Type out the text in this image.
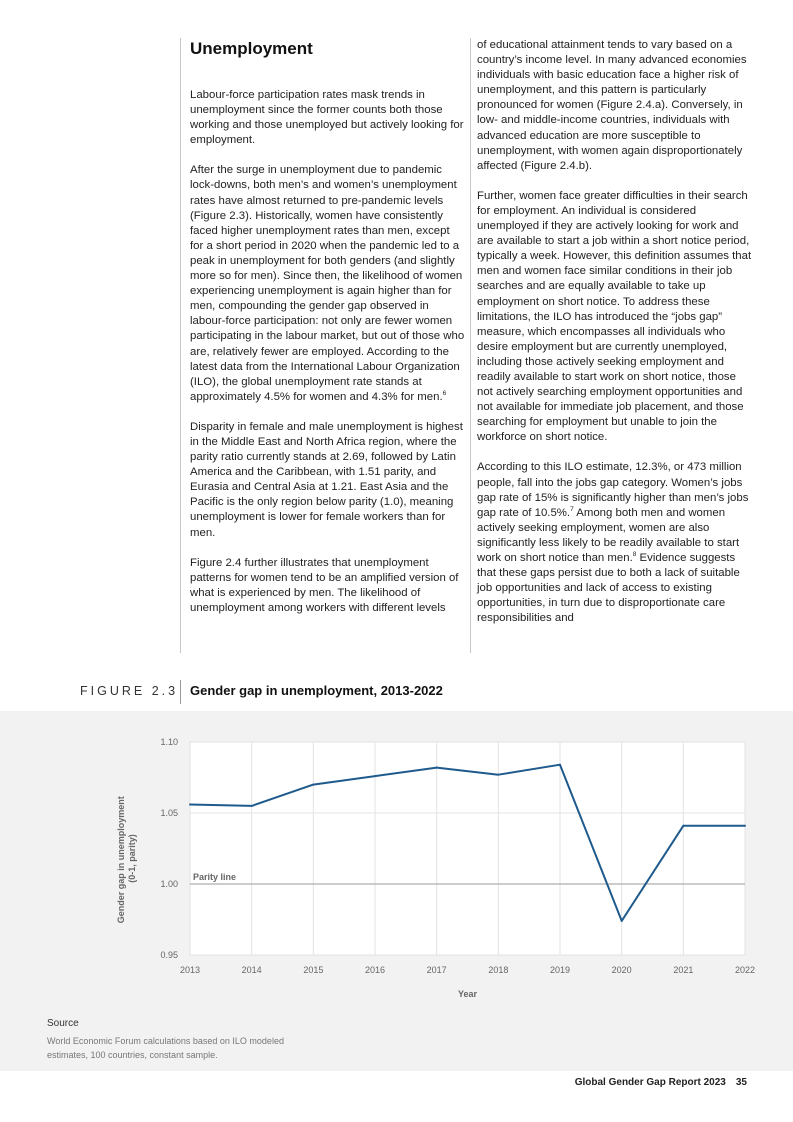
Unemployment

Labour-force participation rates mask trends in unemployment since the former counts both those working and those unemployed but actively looking for employment.

After the surge in unemployment due to pandemic lock-downs, both men’s and women’s unemployment rates have almost returned to pre-pandemic levels (Figure 2.3). Historically, women have consistently faced higher unemployment rates than men, except for a short period in 2020 when the pandemic led to a peak in unemployment for both genders (and slightly more so for men). Since then, the likelihood of women experiencing unemployment is again higher than for men, compounding the gender gap observed in labour-force participation: not only are fewer women participating in the labour market, but out of those who are, relatively fewer are employed. According to the latest data from the International Labour Organization (ILO), the global unemployment rate stands at approximately 4.5% for women and 4.3% for men.$^6$

Disparity in female and male unemployment is highest in the Middle East and North Africa region, where the parity ratio currently stands at 2.69, followed by Latin America and the Caribbean, with 1.51 parity, and Eurasia and Central Asia at 1.21. East Asia and the Pacific is the only region below parity (1.0), meaning unemployment is lower for female workers than for men.

Figure 2.4 further illustrates that unemployment patterns for women tend to be an amplified version of what is experienced by men. The likelihood of unemployment among workers with different levels

of educational attainment tends to vary based on a country’s income level. In many advanced economies individuals with basic education face a higher risk of unemployment, and this pattern is particularly pronounced for women (Figure 2.4.a). Conversely, in low- and middle-income countries, individuals with advanced education are more susceptible to unemployment, with women again disproportionately affected (Figure 2.4.b).

Further, women face greater difficulties in their search for employment. An individual is considered unemployed if they are actively looking for work and are available to start a job within a short notice period, typically a week. However, this definition assumes that men and women face similar conditions in their job searches and are equally available to take up employment on short notice. To address these limitations, the ILO has introduced the “jobs gap” measure, which encompasses all individuals who desire employment but are currently unemployed, including those actively seeking employment and readily available to start work on short notice, those not actively searching employment opportunities and not available for immediate job placement, and those searching for employment but unable to join the workforce on short notice.

According to this ILO estimate, 12.3%, or 473 million people, fall into the jobs gap category. Women’s jobs gap rate of 15% is significantly higher than men’s jobs gap rate of 10.5%.$^7$ Among both men and women actively seeking employment, women are also significantly less likely to be readily available to start work on short notice than men.$^8$ Evidence suggests that these gaps persist due to both a lack of suitable job opportunities and lack of access to existing opportunities, in turn due to disproportionate care responsibilities and

FIGURE 2.3 Gender gap in unemployment, 2013-2022
1.10
1.05
1.00
0.95
2013	2014	2015	2016	2017	2018	2019	2020	2021	2022
Parity line
Year
Gender gap in unemployment (0-1, parity)
Source
World Economic Forum calculations based on ILO modeled estimates, 100 countries, constant sample.
Global Gender Gap Report 2023 35
